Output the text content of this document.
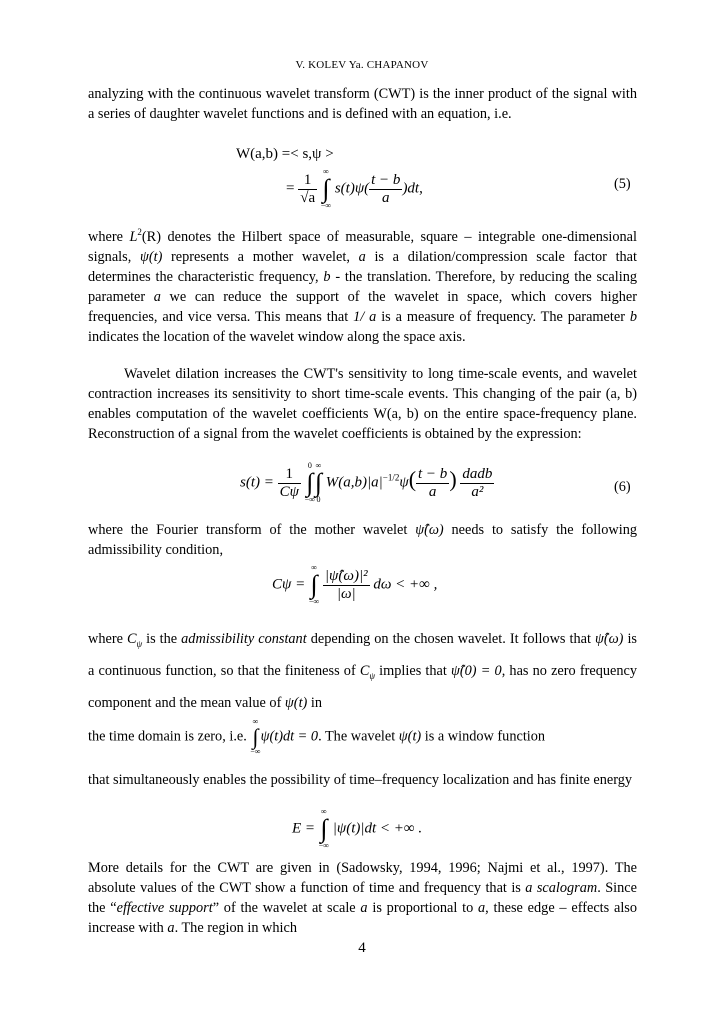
V. KOLEV Ya. CHAPANOV
analyzing with the continuous wavelet transform (CWT) is the inner product of the signal with a series of daughter wavelet functions and is defined with an equation, i.e.
W(a,b) =< s,ψ >
= $\frac{1}{√a}$
∞
∫
−∞
$s(t)\psi( \frac{t - b}{a} )dt$,	(5)
where $L^2(R)$ denotes the Hilbert space of measurable, square – integrable one-dimensional signals, ψ(t) represents a mother wavelet, a is a dilation/compression scale factor that determines the characteristic frequency, b - the translation. Therefore, by reducing the scaling parameter a we can reduce the support of the wavelet in space, which covers higher frequencies, and vice versa. This means that 1/ a is a measure of frequency. The parameter b indicates the location of the wavelet window along the space axis.
Wavelet dilation increases the CWT's sensitivity to long time-scale events, and wavelet contraction increases its sensitivity to short time-scale events. This changing of the pair (a, b) enables computation of the wavelet coefficients W(a, b) on the entire space-frequency plane. Reconstruction of a signal from the wavelet coefficients is obtained by the expression:
$s(t) = \frac{1}{C\psi}$
0
∫
−∞
∞
∫
0
$W(a,b)|a|^{-1/2}\psi( \frac{t - b}{a}$ ) $\frac{\text{dadb}}{\text{a²}}$	(6)
where the Fourier transform of the mother wavelet ψ̂(ω) needs to satisfy the following admissibility condition,
Cψ =
∞
∫
−∞
$\frac{\text{|ψ̂(ω)|²}}{|\omega|}$ dω < +∞ ,
where $C_\psi$ is the admissibility constant depending on the chosen wavelet. It follows that ψ̂(ω) is a continuous function, so that the finiteness of $C_\psi$ implies that ψ̂(0) = 0, has no zero frequency component and the mean value of ψ(t) in
the time domain is zero, i.e.
∞
∫
−∞
ψ(t)dt = 0. The wavelet ψ(t) is a window function
that simultaneously enables the possibility of time–frequency localization and has finite energy
E =
∞
∫
−∞
|ψ(t)|dt < +∞ .
More details for the CWT are given in (Sadowsky, 1994, 1996; Najmi et al., 1997). The absolute values of the CWT show a function of time and frequency that is a scalogram. Since the “effective support” of the wavelet at scale a is proportional to a, these edge – effects also increase with a. The region in which
4
